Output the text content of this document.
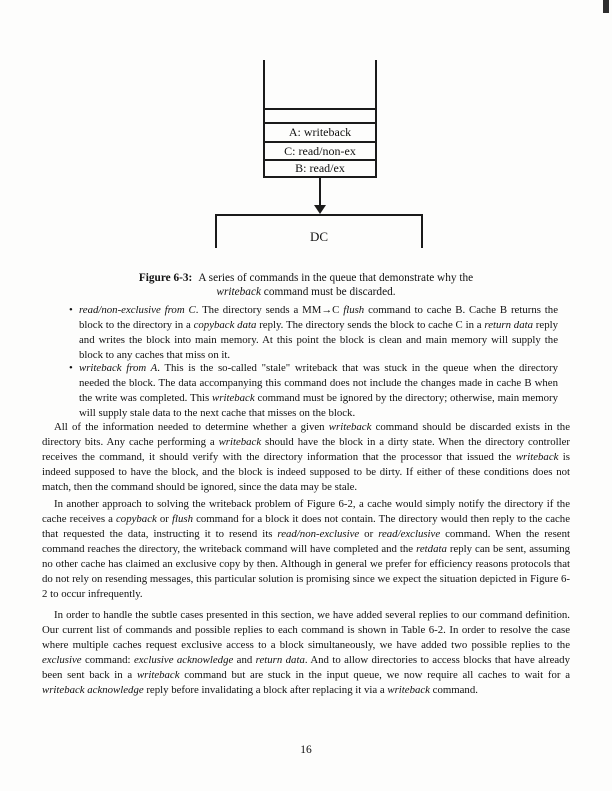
A: writeback
C: read/non-ex
B: read/ex
DC
Figure 6-3: A series of commands in the queue that demonstrate why the
writeback command must be discarded.
• read/non-exclusive from C. The directory sends a MM→C flush command to cache B. Cache B returns the block to the directory in a copyback data reply. The directory sends the block to cache C in a return data reply and writes the block into main memory. At this point the block is clean and main memory will supply the block to any caches that miss on it.
• writeback from A. This is the so-called "stale" writeback that was stuck in the queue when the directory needed the block. The data accompanying this command does not include the changes made in cache B when the write was completed. This writeback command must be ignored by the directory; otherwise, main memory will supply stale data to the next cache that misses on the block.
All of the information needed to determine whether a given writeback command should be discarded exists in the directory bits. Any cache performing a writeback should have the block in a dirty state. When the directory controller receives the command, it should verify with the directory information that the processor that issued the writeback is indeed supposed to have the block, and the block is indeed supposed to be dirty. If either of these conditions does not match, then the command should be ignored, since the data may be stale.
In another approach to solving the writeback problem of Figure 6-2, a cache would simply notify the directory if the cache receives a copyback or flush command for a block it does not contain. The directory would then reply to the cache that requested the data, instructing it to resend its read/non-exclusive or read/exclusive command. When the resent command reaches the directory, the writeback command will have completed and the retdata reply can be sent, assuming no other cache has claimed an exclusive copy by then. Although in general we prefer for efficiency reasons protocols that do not rely on resending messages, this particular solution is promising since we expect the situation depicted in Figure 6-2 to occur infrequently.
In order to handle the subtle cases presented in this section, we have added several replies to our command definition. Our current list of commands and possible replies to each command is shown in Table 6-2. In order to resolve the case where multiple caches request exclusive access to a block simultaneously, we have added two possible replies to the exclusive command: exclusive acknowledge and return data. And to allow directories to access blocks that have already been sent back in a writeback command but are stuck in the input queue, we now require all caches to wait for a writeback acknowledge reply before invalidating a block after replacing it via a writeback command.
16
